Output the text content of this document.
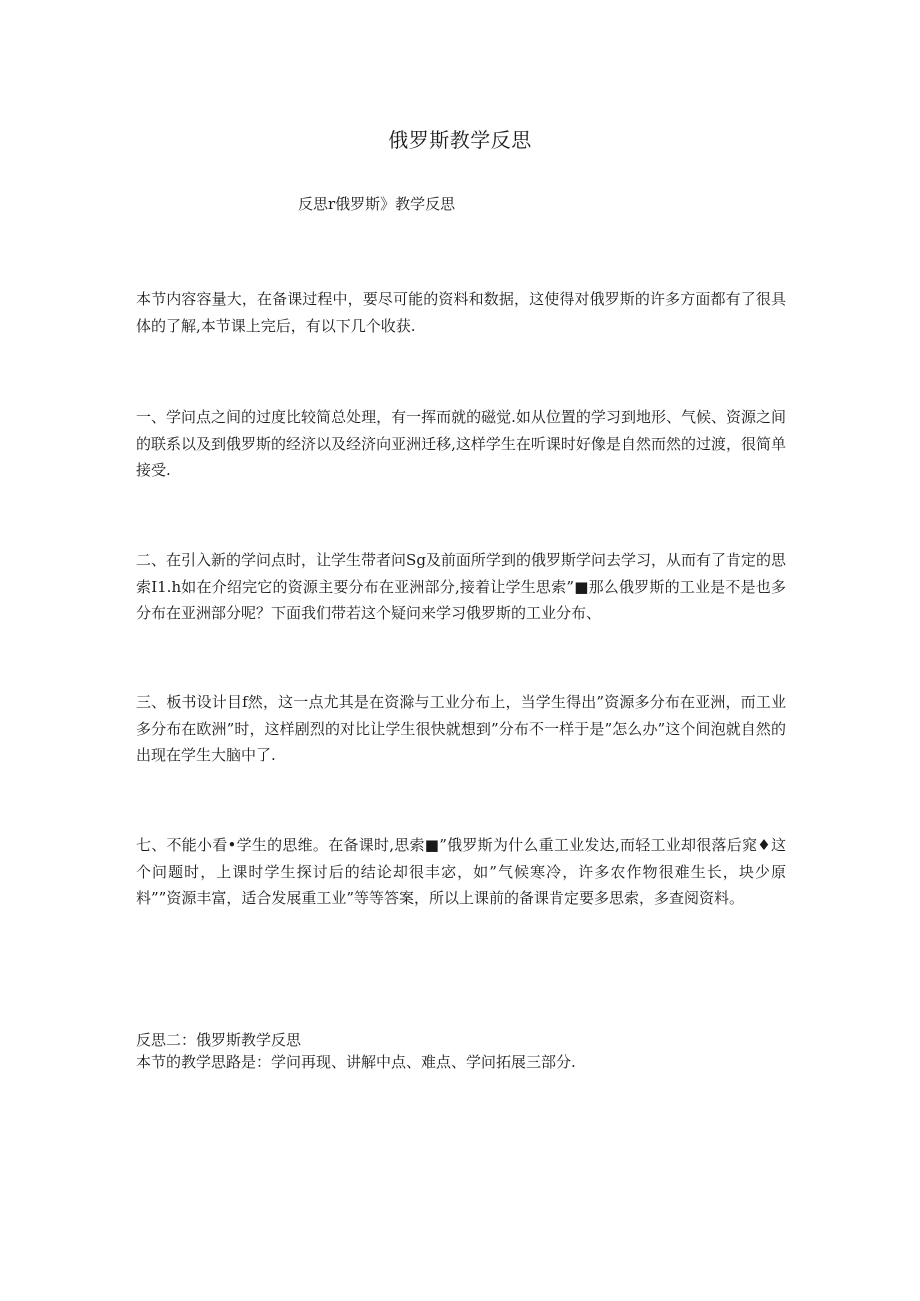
俄罗斯教学反思

反思r俄罗斯》教学反思

本节内容容量大，在备课过程中，要尽可能的资料和数据，这使得对俄罗斯的许多方面都有了很具体的了解,本节课上完后，有以下几个收获.

一、学问点之间的过度比较简总处理，有一挥而就的磁觉.如从位置的学习到地形、气候、资源之间的联系以及到俄罗斯的经济以及经济向亚洲迁移,这样学生在听课时好像是自然而然的过渡，很简单接受.

二、在引入新的学问点时，让学生带者问Sg及前面所学到的俄罗斯学问去学习，从而有了肯定的思索I1.h如在介绍完它的资源主要分布在亚洲部分,接着让学生思索”■那么俄罗斯的工业是不是也多分布在亚洲部分呢？下面我们带若这个疑问来学习俄罗斯的工业分布、

三、板书设计目f然，这一点尤其是在资滁与工业分布上，当学生得出”资源多分布在亚洲，而工业多分布在欧洲”时，这样剧烈的对比让学生很快就想到”分布不一样于是”怎么办”这个间泡就自然的出现在学生大脑中了.

七、不能小看•学生的思维。在备课时,思索■”俄罗斯为什么重工业发达,而轻工业却很落后窕♦这个问题时，上课时学生探讨后的结论却很丰宓，如”气候寒冷，许多农作物很难生长，块少原料””资源丰富，适合发展重工业”等等答案，所以上课前的备课肯定要多思索，多查阅资料。

反思二：俄罗斯教学反思

本节的教学思路是：学问再现、讲解中点、难点、学问拓展三部分.
